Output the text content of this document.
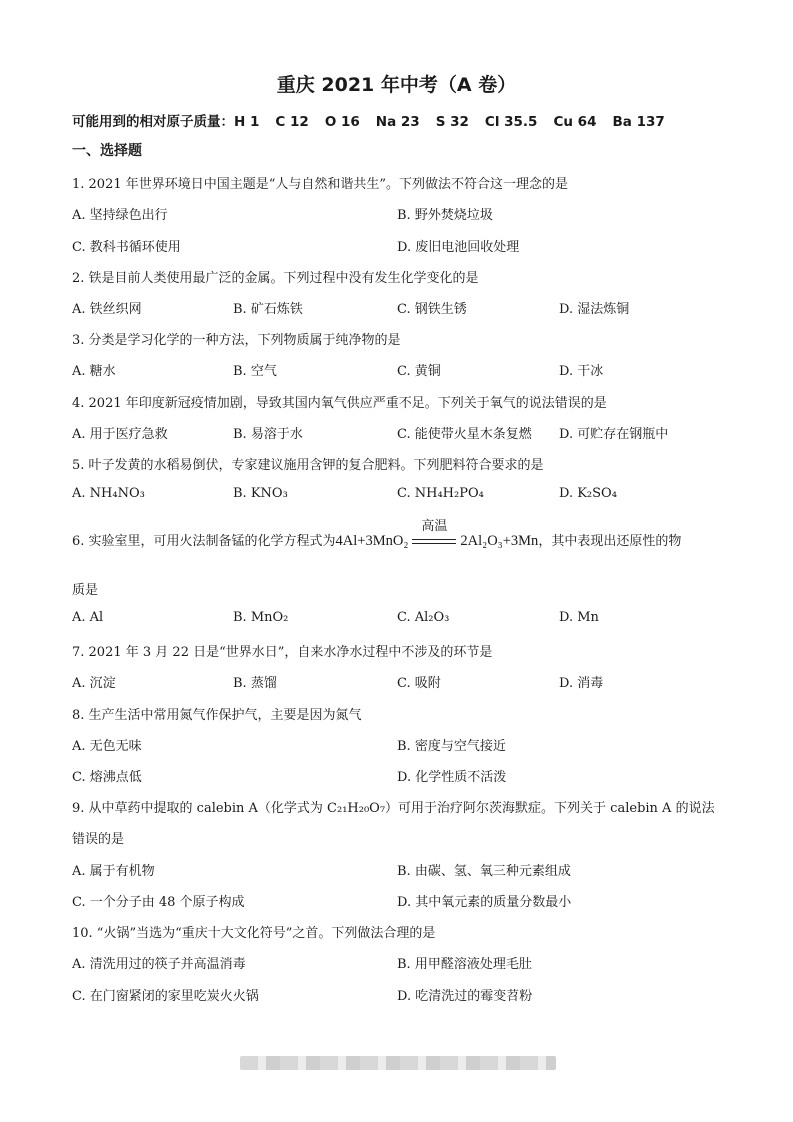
重庆 2021 年中考（A 卷）
可能用到的相对原子质量：H 1 C 12 O 16 Na 23 S 32 Cl 35.5 Cu 64 Ba 137
一、选择题
1. 2021 年世界环境日中国主题是“人与自然和谐共生”。下列做法不符合这一理念的是
A. 坚持绿色出行	B. 野外焚烧垃圾
C. 教科书循环使用	D. 废旧电池回收处理
2. 铁是目前人类使用最广泛的金属。下列过程中没有发生化学变化的是
A. 铁丝织网	B. 矿石炼铁	C. 钢铁生锈	D. 湿法炼铜
3. 分类是学习化学的一种方法，下列物质属于纯净物的是
A. 糖水	B. 空气	C. 黄铜	D. 干冰
4. 2021 年印度新冠疫情加剧，导致其国内氧气供应严重不足。下列关于氧气的说法错误的是
A. 用于医疗急救	B. 易溶于水	C. 能使带火星木条复燃 D. 可贮存在钢瓶中
5. 叶子发黄的水稻易倒伏，专家建议施用含钾的复合肥料。下列肥料符合要求的是
A. NH₄NO₃	B. KNO₃	C. NH₄H₂PO₄	D. K₂SO₄
6. 实验室里，可用火法制备锰的化学方程式为4Al+3MnO₂
高温
2Al₂O₃+3Mn，其中表现出还原性的物
质是
A. Al	B. MnO₂	C. Al₂O₃	D. Mn
7. 2021 年 3 月 22 日是“世界水日”，自来水净水过程中不涉及的环节是
A. 沉淀	B. 蒸馏	C. 吸附	D. 消毒
8. 生产生活中常用氮气作保护气，主要是因为氮气
A. 无色无味	B. 密度与空气接近
C. 熔沸点低	D. 化学性质不活泼
9. 从中草药中提取的 calebin A（化学式为 C₂₁H₂₀O₇）可用于治疗阿尔茨海默症。下列关于 calebin A 的说法
错误的是
A. 属于有机物	B. 由碳、氢、氧三种元素组成
C. 一个分子由 48 个原子构成	D. 其中氧元素的质量分数最小
10. “火锅”当选为“重庆十大文化符号”之首。下列做法合理的是
A. 清洗用过的筷子并高温消毒	B. 用甲醛溶液处理毛肚
C. 在门窗紧闭的家里吃炭火火锅	D. 吃清洗过的霉变苕粉
